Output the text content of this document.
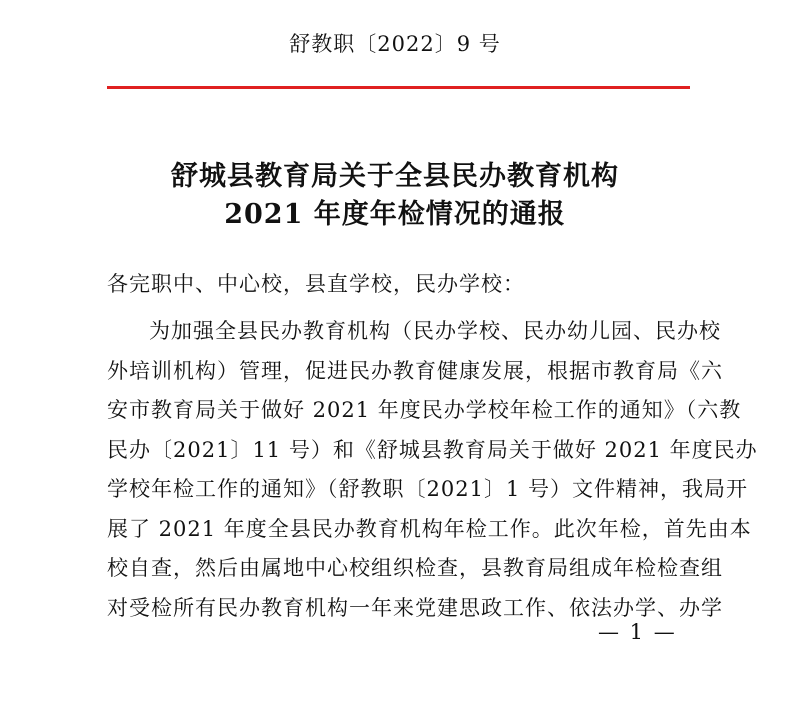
舒教职〔2022〕9 号
舒城县教育局关于全县民办教育机构
2021 年度年检情况的通报
各完职中、中心校，县直学校，民办学校：
为加强全县民办教育机构（民办学校、民办幼儿园、民办校
外培训机构）管理，促进民办教育健康发展，根据市教育局《六
安市教育局关于做好 2021 年度民办学校年检工作的通知》（六教
民办〔2021〕11 号）和《舒城县教育局关于做好 2021 年度民办
学校年检工作的通知》（舒教职〔2021〕1 号）文件精神，我局开
展了 2021 年度全县民办教育机构年检工作。此次年检，首先由本
校自查，然后由属地中心校组织检查，县教育局组成年检检查组
对受检所有民办教育机构一年来党建思政工作、依法办学、办学
— 1 —
